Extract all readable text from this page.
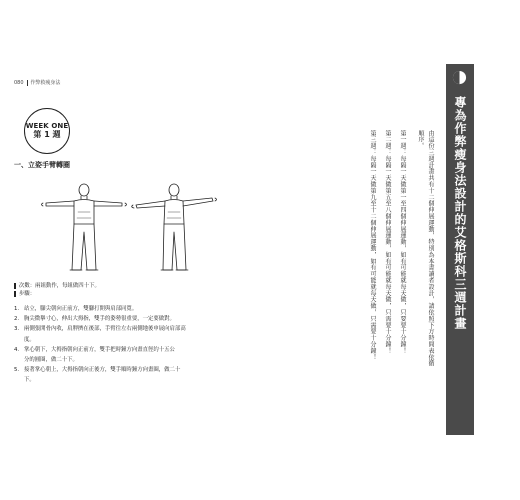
080 作弊救瘦身法
WEEK ONE
第 1 週
一、立姿手臂轉圈
次數：兩組動作，每組做四十下。
步驟：
1. 站立，腳尖朝向正前方，雙腳打開與肩部同寬。
2. 胸尖微擧寸心，伸出大拇指，雙手的姿勢很重要，一定要做對。
3. 兩側張開骨內收，肩胛擠在後部，手臂往左右兩側地後申展向肩部高
度。
4. 掌心朝下，大拇指朝向正前方，雙手把時鐘方向畫直徑約十五公
分的圓圈，做二十下。
5. 接著掌心朝上，大拇指朝向正後方，雙手順時鐘方向畫圈，做二十
下。
專為作弊瘦身法設計的艾格斯科三週計畫
由這份三週計畫共有十二個伸展運動，特別為本書讀者設計，請依照下方時間表依循
順序。
第一週：每隔一天做第一至四個伸展運動，如有可能就每天做，只要要十分鐘！
第二週：每隔一天做第五至八個伸展運動，如有可能就每天做，只需要十分鐘！
第三週：每隔一天做第九至十二個伸展運動，如有可能就每天做，只需要十分鐘！
